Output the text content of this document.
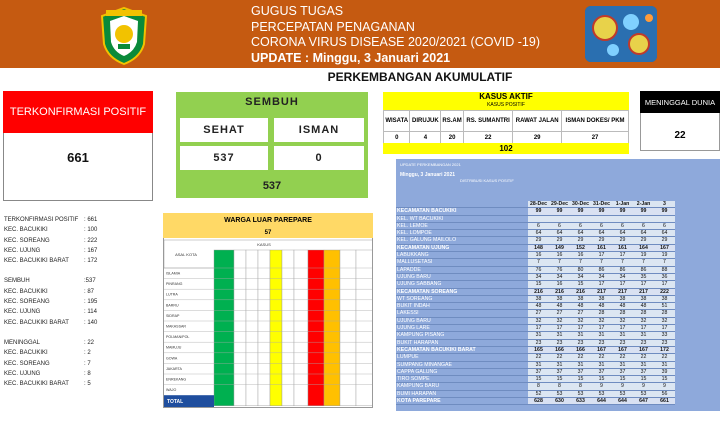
GUGUS TUGAS
PERCEPATAN PENAGANAN
CORONA VIRUS DISEASE 2020/2021 (COVID -19)
UPDATE : Minggu, 3 Januari 2021
PERKEMBANGAN AKUMULATIF
TERKONFIRMASI POSITIF
661
SEMBUH
SEHAT	ISMAN
537	0
537
KASUS AKTIF
KASUS POSITIF
WISATA	DIRUJUK	RS.AM	RS. SUMANTRI	RAWAT JALAN	ISMAN DOKES/ PKM
0	4	20	22	29	27
102
MENINGGAL DUNIA
22
TERKONFIRMASI POSITIF : 661
KEC. BACUKIKI	: 100
KEC. SOREANG	: 222
KEC. UJUNG	: 167
KEC. BACUKIKI BARAT	: 172
SEMBUH	:537
KEC. BACUKIKI	: 87
KEC. SOREANG	: 195
KEC. UJUNG	: 114
KEC. BACUKIKI BARAT	: 140
MENINGGAL	: 22
KEC. BACUKIKI	: 2
KEC. SOREANG	: 7
KEC. UJUNG	: 8
KEC. BACUKIKI BARAT	: 5
ASAL KOTA
KASUS
ISLAMIA
PINRANG
LUTRA
BARRU
SIDRAP
MAKASSAR
POLMAN/POL
MAMUJU
GOWA
JAKARTA
ENREKANG
WAJO
TOTAL
WARGA LUAR PAREPARE
57
UPDATE PERKEMBANGAN 2021
Minggu, 3 Januari 2021
DISTRIBUSI KASUS POSITIF
	28-Dec	29-Dec	30-Dec	31-Dec	1-Jan	2-Jan	3
KECAMATAN BACUKIKI	99	99	99	99	99	99	99
KEL. WT BACUKIKI							
KEL. LEMOE	6	6	6	6	6	6	6
KEL. LOMPOE	64	64	64	64	64	64	64
KEL. GALUNG MAILOLO	29	29	29	29	29	29	29
KECAMATAN UJUNG	148	149	152	161	161	164	167
LABUKKANG	16	16	16	17	17	19	19
MALLUSETASI	7	7	7	7	7	7	7
LAPADDE	76	76	80	86	86	86	88
UJUNG BARU	34	34	34	34	34	35	36
UJUNG SABBANG	15	16	15	17	17	17	17
KECAMATAN SOREANG	216	216	216	217	217	217	222
WT SOREANG	38	38	38	38	38	38	38
BUKIT INDAH	48	48	48	48	48	48	51
LAKESSI	27	27	27	28	28	28	28
UJUNG BARU	32	32	32	32	32	32	32
UJUNG LARE	17	17	17	17	17	17	17
KAMPUNG PISANG	31	31	31	31	31	31	33
BUKIT HARAPAN	23	23	23	23	23	23	23
KECAMATAN BACUKIKI BARAT	165	166	166	167	167	167	172
LUMPUE	22	22	22	22	22	22	22
SUMPANG MINANGAE	31	31	31	31	31	31	31
CAPPA GALUNG	37	37	37	37	37	37	39
TIRO SOMPE	15	15	15	15	15	15	15
KAMPUNG BARU	8	8	8	9	9	9	9
BUMI HARAPAN	52	53	53	53	53	53	56
KOTA PAREPARE	628	630	633	644	644	647	661
